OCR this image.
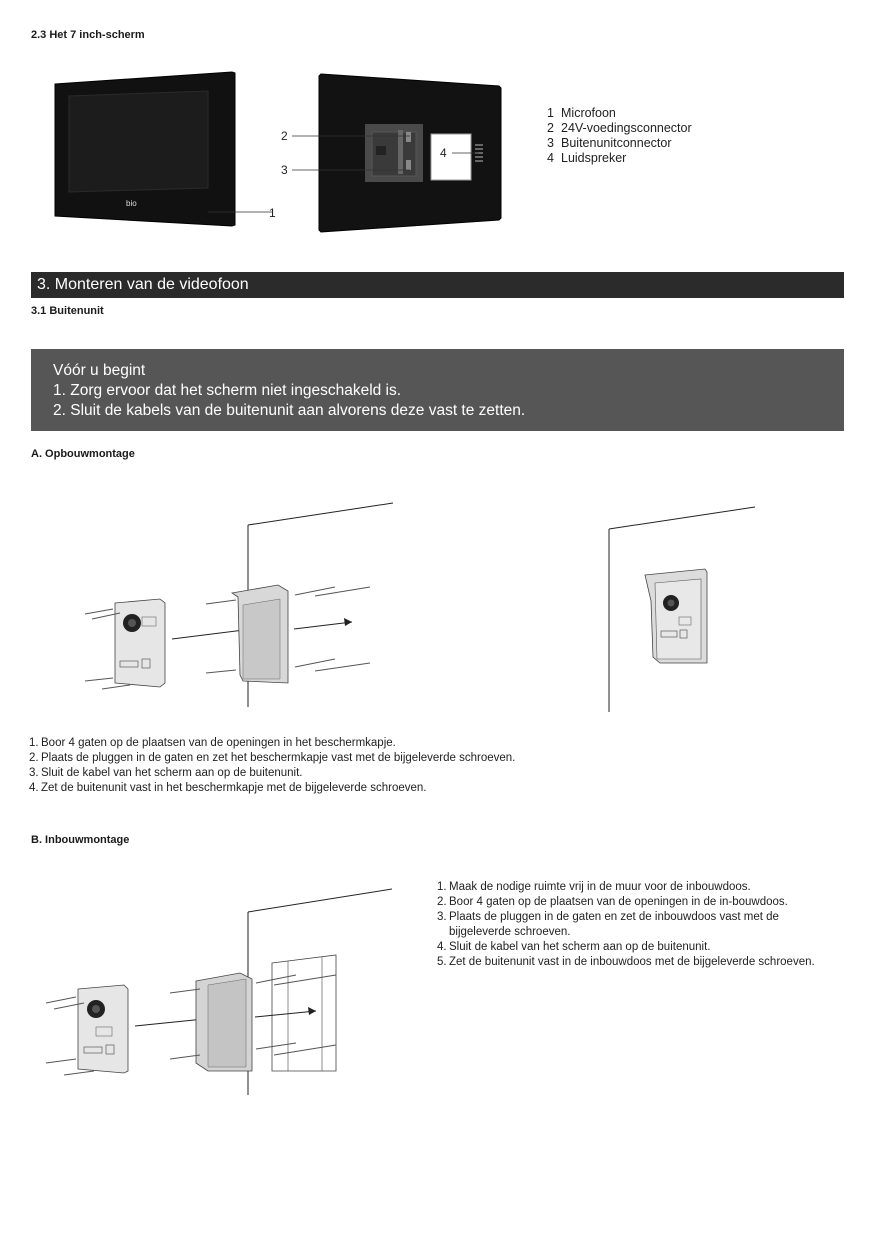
2.3 Het 7 inch-scherm
bio
1
2
3
4
1 Microfoon
2 24V-voedingsconnector
3 Buitenunitconnector
4 Luidspreker
3. Monteren van de videofoon
3.1 Buitenunit
Vóór u begint
1. Zorg ervoor dat het scherm niet ingeschakeld is.
2. Sluit de kabels van de buitenunit aan alvorens deze vast te zetten.
A. Opbouwmontage
1. Boor 4 gaten op de plaatsen van de openingen in het beschermkapje.
2. Plaats de pluggen in de gaten en zet het beschermkapje vast met de bijgeleverde schroeven.
3. Sluit de kabel van het scherm aan op de buitenunit.
4. Zet de buitenunit vast in het beschermkapje met de bijgeleverde schroeven.
B. Inbouwmontage
1. Maak de nodige ruimte vrij in de muur voor de inbouwdoos.
2. Boor 4 gaten op de plaatsen van de openingen in de in-bouwdoos.
3. Plaats de pluggen in de gaten en zet de inbouwdoos vast met de bijgeleverde schroeven.
4. Sluit de kabel van het scherm aan op de buitenunit.
5. Zet de buitenunit vast in de inbouwdoos met de bijgeleverde schroeven.
